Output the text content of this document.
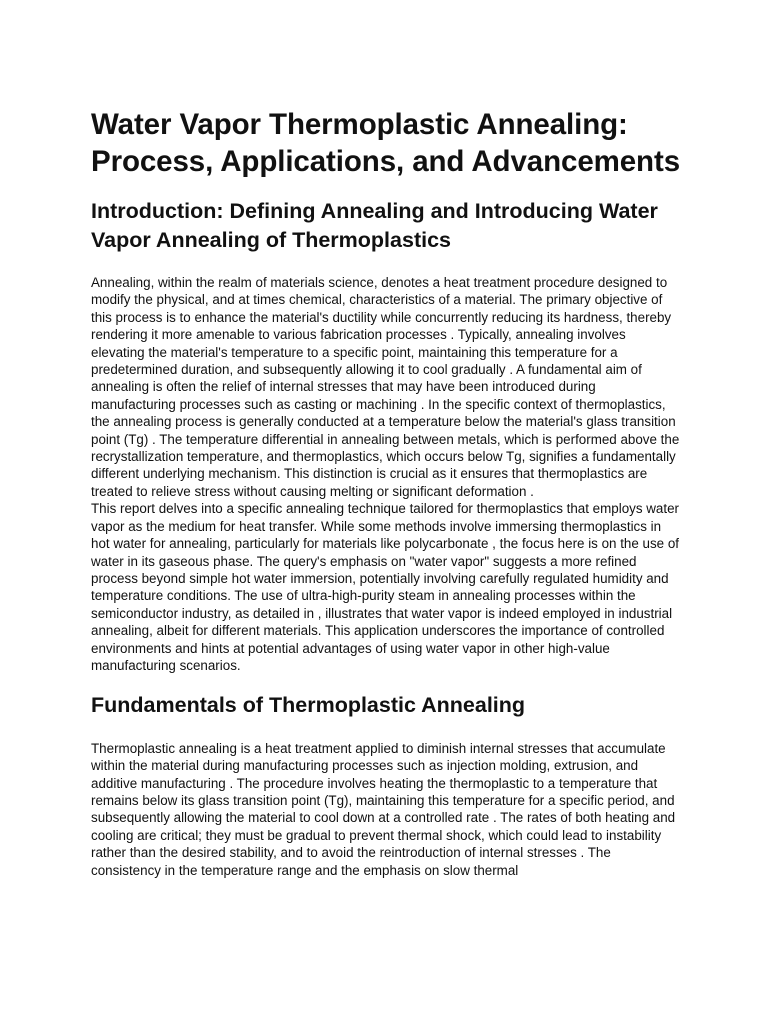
Water Vapor Thermoplastic Annealing: Process, Applications, and Advancements
Introduction: Defining Annealing and Introducing Water Vapor Annealing of Thermoplastics

Annealing, within the realm of materials science, denotes a heat treatment procedure designed to modify the physical, and at times chemical, characteristics of a material. The primary objective of this process is to enhance the material's ductility while concurrently reducing its hardness, thereby rendering it more amenable to various fabrication processes . Typically, annealing involves elevating the material's temperature to a specific point, maintaining this temperature for a predetermined duration, and subsequently allowing it to cool gradually . A fundamental aim of annealing is often the relief of internal stresses that may have been introduced during manufacturing processes such as casting or machining . In the specific context of thermoplastics, the annealing process is generally conducted at a temperature below the material's glass transition point (Tg) . The temperature differential in annealing between metals, which is performed above the recrystallization temperature, and thermoplastics, which occurs below Tg, signifies a fundamentally different underlying mechanism. This distinction is crucial as it ensures that thermoplastics are treated to relieve stress without causing melting or significant deformation .

This report delves into a specific annealing technique tailored for thermoplastics that employs water vapor as the medium for heat transfer. While some methods involve immersing thermoplastics in hot water for annealing, particularly for materials like polycarbonate , the focus here is on the use of water in its gaseous phase. The query's emphasis on "water vapor" suggests a more refined process beyond simple hot water immersion, potentially involving carefully regulated humidity and temperature conditions. The use of ultra-high-purity steam in annealing processes within the semiconductor industry, as detailed in , illustrates that water vapor is indeed employed in industrial annealing, albeit for different materials. This application underscores the importance of controlled environments and hints at potential advantages of using water vapor in other high-value manufacturing scenarios.

Fundamentals of Thermoplastic Annealing

Thermoplastic annealing is a heat treatment applied to diminish internal stresses that accumulate within the material during manufacturing processes such as injection molding, extrusion, and additive manufacturing . The procedure involves heating the thermoplastic to a temperature that remains below its glass transition point (Tg), maintaining this temperature for a specific period, and subsequently allowing the material to cool down at a controlled rate . The rates of both heating and cooling are critical; they must be gradual to prevent thermal shock, which could lead to instability rather than the desired stability, and to avoid the reintroduction of internal stresses . The consistency in the temperature range and the emphasis on slow thermal
